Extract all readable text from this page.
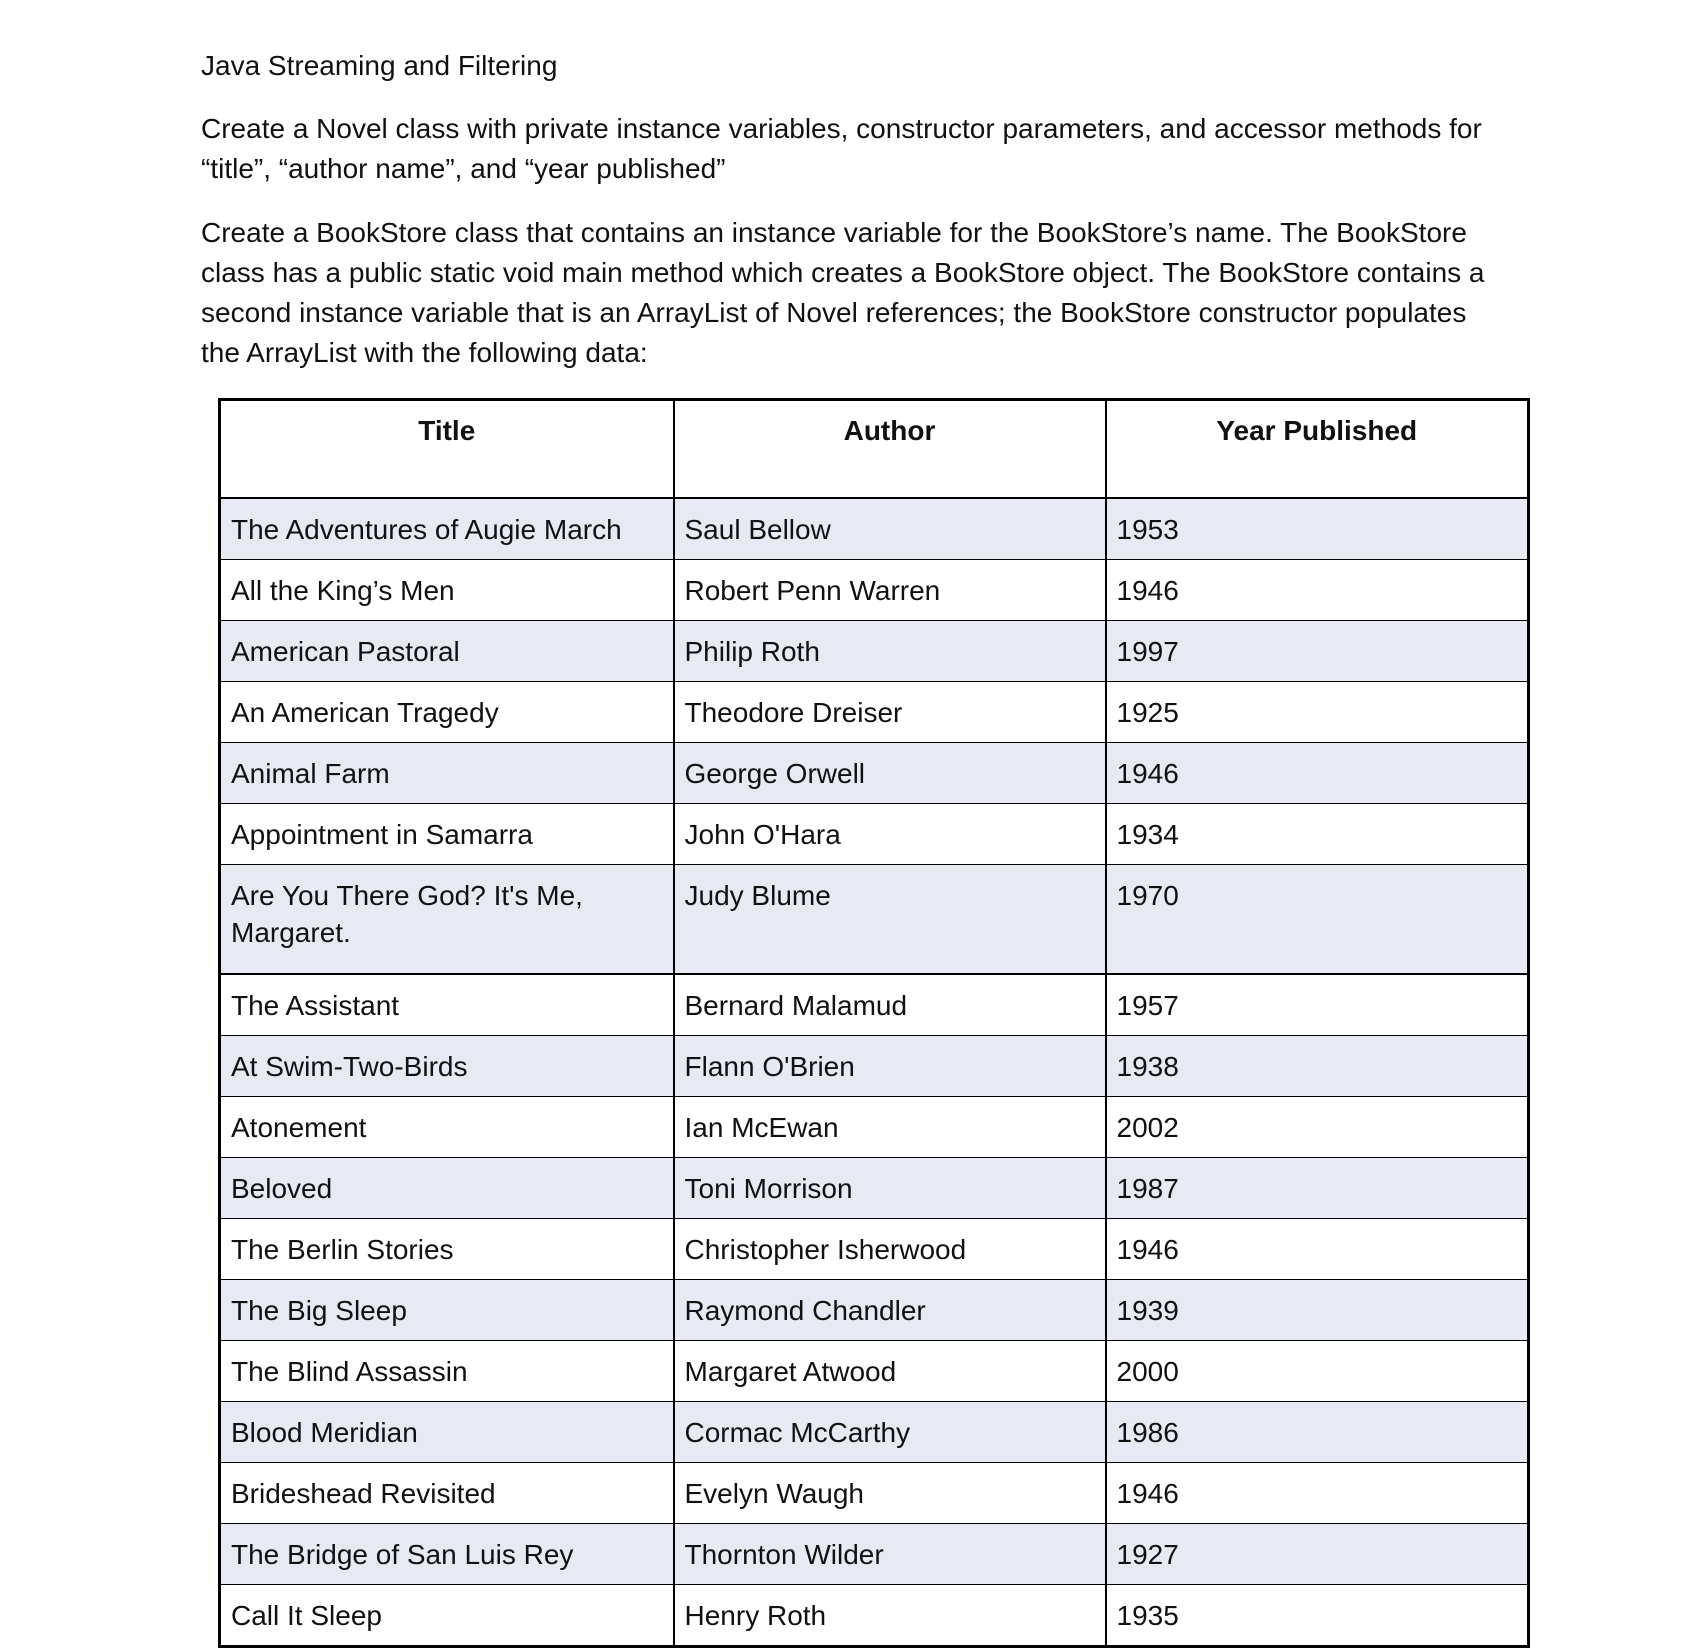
Java Streaming and Filtering
Create a Novel class with private instance variables, constructor parameters, and accessor methods for
“title”, “author name”, and “year published”
Create a BookStore class that contains an instance variable for the BookStore’s name. The BookStore
class has a public static void main method which creates a BookStore object. The BookStore contains a
second instance variable that is an ArrayList of Novel references; the BookStore constructor populates
the ArrayList with the following data:
Title	Author	Year Published
The Adventures of Augie March	Saul Bellow	1953
All the King’s Men	Robert Penn Warren	1946
American Pastoral	Philip Roth	1997
An American Tragedy	Theodore Dreiser	1925
Animal Farm	George Orwell	1946
Appointment in Samarra	John O'Hara	1934
Are You There God? It's Me, Margaret.	Judy Blume	1970
The Assistant	Bernard Malamud	1957
At Swim-Two-Birds	Flann O'Brien	1938
Atonement	Ian McEwan	2002
Beloved	Toni Morrison	1987
The Berlin Stories	Christopher Isherwood	1946
The Big Sleep	Raymond Chandler	1939
The Blind Assassin	Margaret Atwood	2000
Blood Meridian	Cormac McCarthy	1986
Brideshead Revisited	Evelyn Waugh	1946
The Bridge of San Luis Rey	Thornton Wilder	1927
Call It Sleep	Henry Roth	1935
